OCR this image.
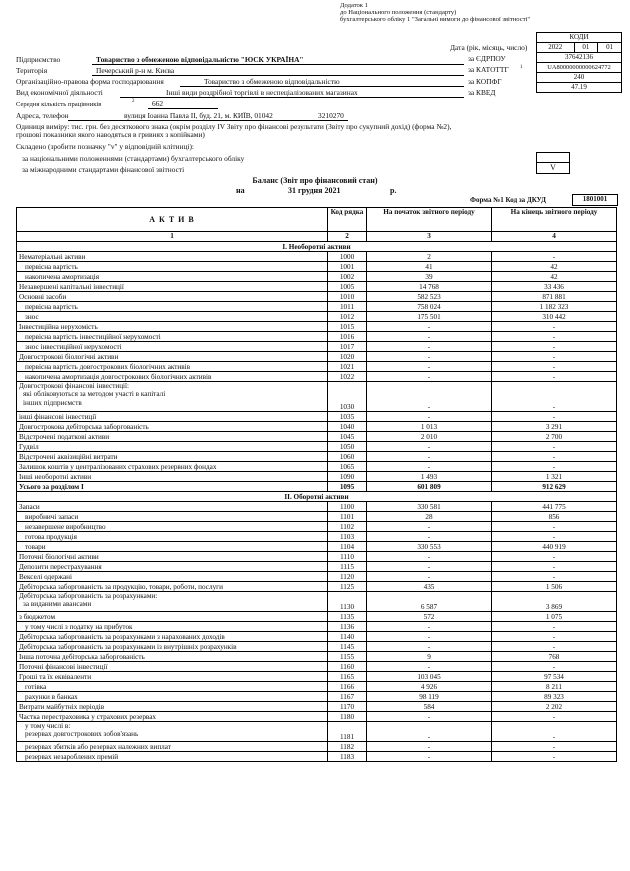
Додаток 1
до Національного положення (стандарту)
бухгалтерського обліку 1 "Загальні вимоги до фінансової звітності"
КОДИ
2022	01	01
37642136
UA80000000000624772
240
47.19
Дата (рік, місяць, число)
за ЄДРПОУ
за КАТОТТГ 1
за КОПФГ
за КВЕД
Підприємство	Товариство з обмеженою відповідальністю "ЮСК УКРАЇНА"
Територія	Печерський р-н м. Києва
Організаційно-правова форма господарювання	Товариство з обмеженою відповідальністю
Вид економічної діяльності	Інші види роздрібної торгівлі в неспеціалізованих магазинах
Середня кількість працівників	2 662
Адреса, телефон	вулиця Іоанна Павла II, буд. 21, м. КИЇВ, 01042	3210270
Одиниця виміру: тис. грн. без десяткового знака (окрім розділу IV Звіту про фінансові результати (Звіту про сукупний дохід) (форма №2),
грошові показники якого наводяться в гривнях з копійками)
Складено (зробити позначку "v" у відповідній клітинці):
за національними положеннями (стандартами) бухгалтерського обліку
за міжнародними стандартами фінансової звітності	V
Баланс (Звіт про фінансовий стан)
на	31 грудня 2021	р.
Форма №1 Код за ДКУД	1801001
А К Т И В	Код рядка	На початок звітного періоду	На кінець звітного періоду
1	2	3	4
І. Необоротні активи			
Нематеріальні активи	1000	2	-
первісна вартість	1001	41	42
накопичена амортизація	1002	39	42
Незавершені капітальні інвестиції	1005	14 768	33 436
Основні засоби	1010	582 523	871 881
первісна вартість	1011	758 024	1 182 323
знос	1012	175 501	310 442
Інвестиційна нерухомість	1015	-	-
первісна вартість інвестиційної нерухомості	1016	-	-
знос інвестиційної нерухомості	1017	-	-
Довгострокові біологічні активи	1020	-	-
первісна вартість довгострокових біологічних активів	1021	-	-
накопичена амортизація довгострокових біологічних активів	1022	-	-

Довгострокові фінансові інвестиції:
які обліковуються за методом участі в капіталі
інших підприємств	1030	-	-
інші фінансові інвестиції	1035	-	-
Довгострокова дебіторська заборгованість	1040	1 013	3 291
Відстрочені податкові активи	1045	2 010	2 700
Гудвіл	1050	-	-
Відстрочені аквізиційні витрати	1060	-	-
Залишок коштів у централізованих страхових резервних фондах	1065	-	-
Інші необоротні активи	1090	1 493	1 321
Усього за розділом І	1095	601 809	912 629
ІІ. Оборотні активи			
Запаси	1100	330 581	441 775
виробничі запаси	1101	28	856
незавершене виробництво	1102	-	-
готова продукція	1103	-	-
товари	1104	330 553	440 919
Поточні біологічні активи	1110	-	-
Депозити перестрахування	1115	-	-
Векселі одержані	1120	-	-
Дебіторська заборгованість за продукцію, товари, роботи, послуги	1125	435	1 506

Дебіторська заборгованість за розрахунками:
за виданими авансами	1130	6 587	3 869
з бюджетом	1135	572	1 075
у тому числі з податку на прибуток	1136	-	-
Дебіторська заборгованість за розрахунками з нарахованих доходів	1140	-	-
Дебіторська заборгованість за розрахунками із внутрішніх розрахунків	1145	-	-
Інша поточна дебіторська заборгованість	1155	9	768
Поточні фінансові інвестиції	1160	-	-
Гроші та їх еквіваленти	1165	103 045	97 534
готівка	1166	4 926	8 211
рахунки в банках	1167	98 119	89 323
Витрати майбутніх періодів	1170	584	2 202
Частка перестраховика у страхових резервах	1180	-	-

у тому числі в:
резервах довгострокових зобов'язань	1181	-	-
резервах збитків або резервах належних виплат	1182	-	-
резервах незароблених премій	1183	-	-
